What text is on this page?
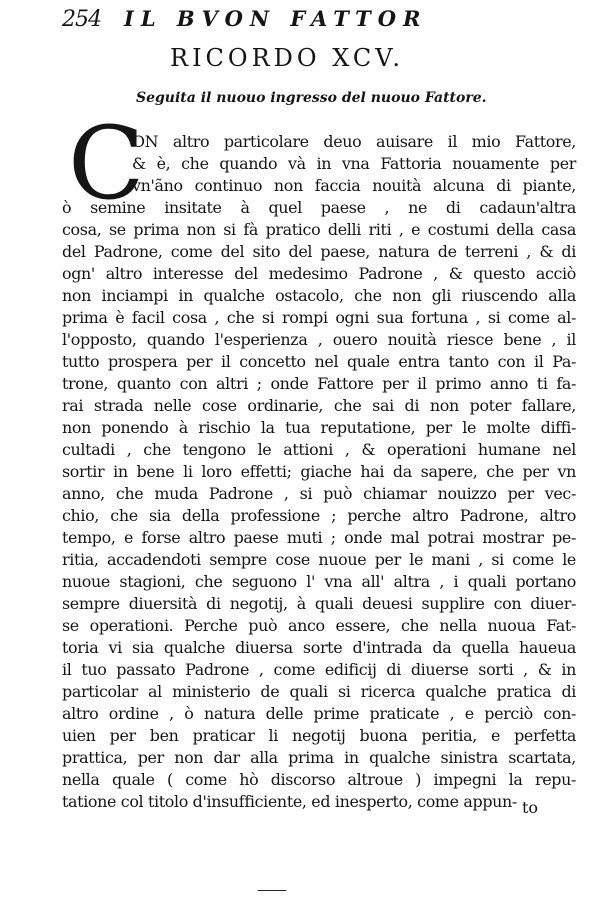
254 IL BVON FATTOR
RICORDO XCV.
Seguita il nuouo ingresso del nuouo Fattore.
C
ON altro particolare deuo auisare il mio Fattore,
& è, che quando và in vna Fattoria nouamente per
vn'ãno continuo non faccia nouità alcuna di piante,
ò semine insitate à quel paese , ne di cadaun'altra
cosa, se prima non si fà pratico delli riti , e costumi della casa
del Padrone, come del sito del paese, natura de terreni , & di
ogn' altro interesse del medesimo Padrone , & questo acciò
non inciampi in qualche ostacolo, che non gli riuscendo alla
prima è facil cosa , che si rompi ogni sua fortuna , si come al-
l'opposto, quando l'esperienza , ouero nouità riesce bene , il
tutto prospera per il concetto nel quale entra tanto con il Pa-
trone, quanto con altri ; onde Fattore per il primo anno ti fa-
rai strada nelle cose ordinarie, che sai di non poter fallare,
non ponendo à rischio la tua reputatione, per le molte diffi-
cultadi , che tengono le attioni , & operationi humane nel
sortir in bene li loro effetti; giache hai da sapere, che per vn
anno, che muda Padrone , si può chiamar nouizzo per vec-
chio, che sia della professione ; perche altro Padrone, altro
tempo, e forse altro paese muti ; onde mal potrai mostrar pe-
ritia, accadendoti sempre cose nuoue per le mani , si come le
nuoue stagioni, che seguono l' vna all' altra , i quali portano
sempre diuersità di negotij, à quali deuesi supplire con diuer-
se operationi. Perche può anco essere, che nella nuoua Fat-
toria vi sia qualche diuersa sorte d'intrada da quella haueua
il tuo passato Padrone , come edificij di diuerse sorti , & in
particolar al ministerio de quali si ricerca qualche pratica di
altro ordine , ò natura delle prime praticate , e perciò con-
uien per ben praticar li negotij buona peritia, e perfetta
prattica, per non dar alla prima in qualche sinistra scartata,
nella quale ( come hò discorso altroue ) impegni la repu-
tatione col titolo d'insufficiente, ed inesperto, come appun- to
